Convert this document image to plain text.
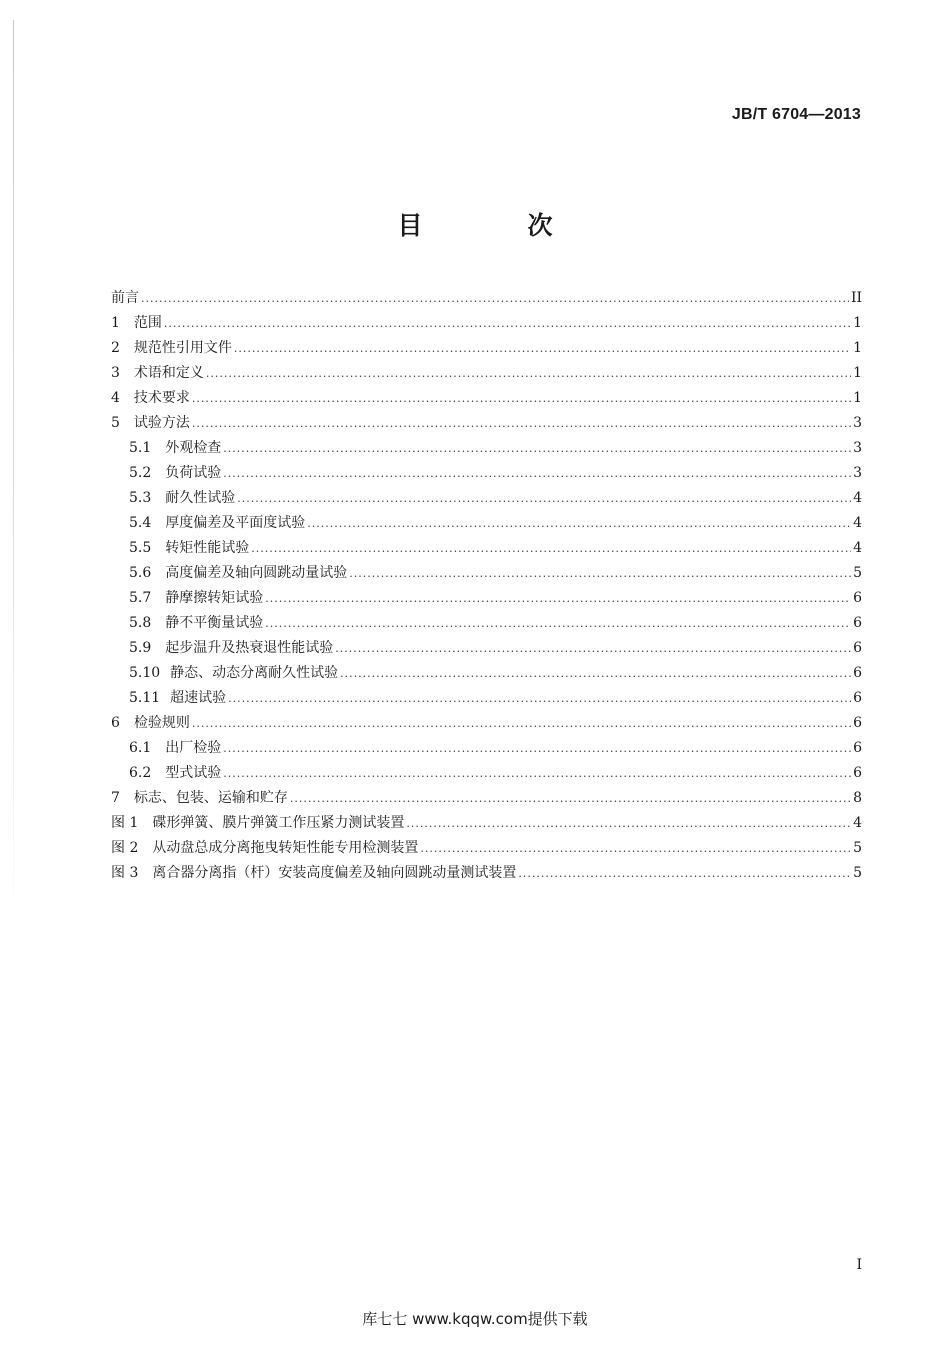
JB/T 6704—2013
目　次
前言 .....	II
1 范围 .....	1
2 规范性引用文件 .....	1
3 术语和定义 .....	1
4 技术要求 .....	1
5 试验方法 .....	3
5.1 外观检查 .....	3
5.2 负荷试验 .....	3
5.3 耐久性试验 .....	4
5.4 厚度偏差及平面度试验 .....	4
5.5 转矩性能试验 .....	4
5.6 高度偏差及轴向圆跳动量试验 .....	5
5.7 静摩擦转矩试验 .....	6
5.8 静不平衡量试验 .....	6
5.9 起步温升及热衰退性能试验 .....	6
5.10 静态、动态分离耐久性试验 .....	6
5.11 超速试验 .....	6
6 检验规则 .....	6
6.1 出厂检验 .....	6
6.2 型式试验 .....	6
7 标志、包装、运输和贮存 .....	8
图 1 碟形弹簧、膜片弹簧工作压紧力测试装置 .....	4
图 2 从动盘总成分离拖曳转矩性能专用检测装置 .....	5
图 3 离合器分离指（杆）安装高度偏差及轴向圆跳动量测试装置 .....	5
I
库七七 www.kqqw.com提供下载
